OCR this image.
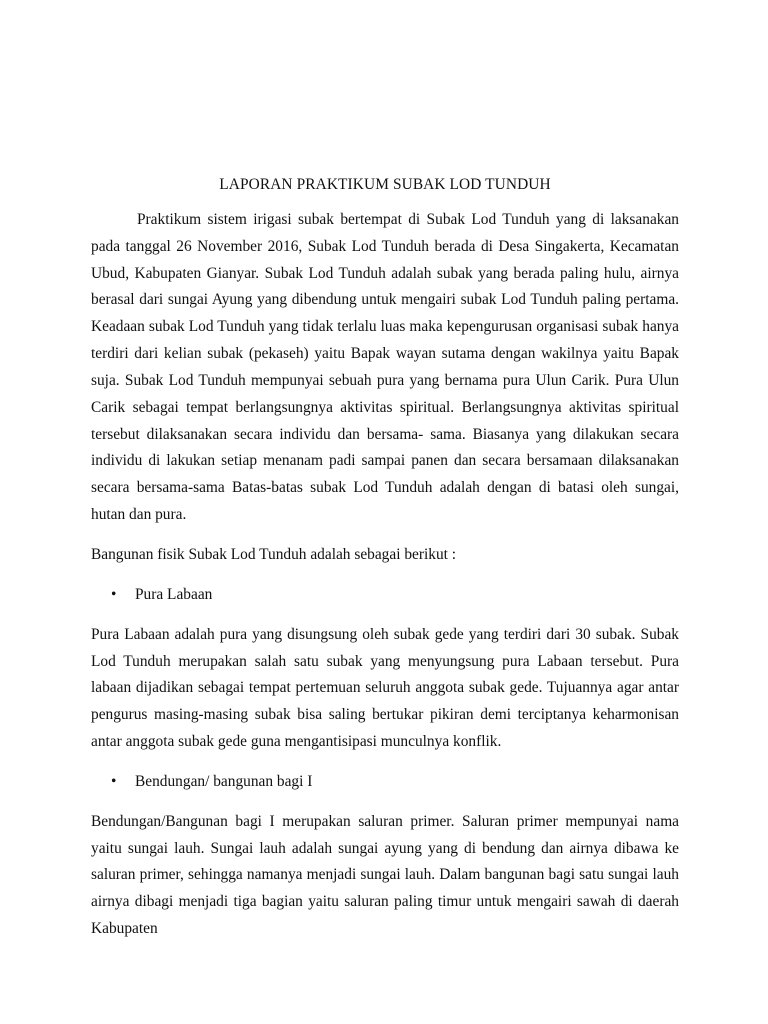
LAPORAN PRAKTIKUM SUBAK LOD TUNDUH

Praktikum sistem irigasi subak bertempat di Subak Lod Tunduh yang di laksanakan pada tanggal 26 November 2016, Subak Lod Tunduh berada di Desa Singakerta, Kecamatan Ubud, Kabupaten Gianyar. Subak Lod Tunduh adalah subak yang berada paling hulu, airnya berasal dari sungai Ayung yang dibendung untuk mengairi subak Lod Tunduh paling pertama. Keadaan subak Lod Tunduh yang tidak terlalu luas maka kepengurusan organisasi subak hanya terdiri dari kelian subak (pekaseh) yaitu Bapak wayan sutama dengan wakilnya yaitu Bapak suja. Subak Lod Tunduh mempunyai sebuah pura yang bernama pura Ulun Carik. Pura Ulun Carik sebagai tempat berlangsungnya aktivitas spiritual. Berlangsungnya aktivitas spiritual tersebut dilaksanakan secara individu dan bersama- sama. Biasanya yang dilakukan secara individu di lakukan setiap menanam padi sampai panen dan secara bersamaan dilaksanakan secara bersama-sama Batas-batas subak Lod Tunduh adalah dengan di batasi oleh sungai, hutan dan pura.

Bangunan fisik Subak Lod Tunduh adalah sebagai berikut :

• Pura Labaan

Pura Labaan adalah pura yang disungsung oleh subak gede yang terdiri dari 30 subak. Subak Lod Tunduh merupakan salah satu subak yang menyungsung pura Labaan tersebut. Pura labaan dijadikan sebagai tempat pertemuan seluruh anggota subak gede. Tujuannya agar antar pengurus masing-masing subak bisa saling bertukar pikiran demi terciptanya keharmonisan antar anggota subak gede guna mengantisipasi munculnya konflik.

• Bendungan/ bangunan bagi I

Bendungan/Bangunan bagi I merupakan saluran primer. Saluran primer mempunyai nama yaitu sungai lauh. Sungai lauh adalah sungai ayung yang di bendung dan airnya dibawa ke saluran primer, sehingga namanya menjadi sungai lauh. Dalam bangunan bagi satu sungai lauh airnya dibagi menjadi tiga bagian yaitu saluran paling timur untuk mengairi sawah di daerah Kabupaten
